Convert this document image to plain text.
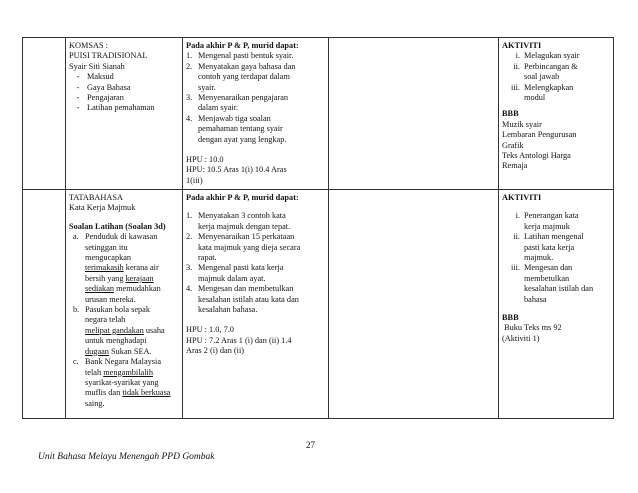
KOMSAS :
PUISI TRADISIONAL
Syair Siti Sianah
- Maksud
- Gaya Bahasa
- Pengajaran
- Latihan pemahaman
Pada akhir P & P, murid dapat:
1. Mengenal pasti bentuk syair.
2. Menyatakan gaya bahasa dan
contoh yang terdapat dalam
syair.
3. Menyenaraikan pengajaran
dalam syair.
4. Menjawab tiga soalan
pemahaman tentang syair
dengan ayat yang lengkap.
HPU : 10.0
HPU: 10.5 Aras 1(i) 10.4 Aras
1(iii)
AKTIVITI
i. Melagukan syair
ii. Perbincangan &
soal jawab
iii. Melengkapkan
modul
BBB
Muzik syair
Lembaran Pengurusan
Grafik
Teks Antologi Harga
Remaja
TATABAHASA
Kata Kerja Majmuk
Soalan Latihan (Soalan 3d)
a. Penduduk di kawasan
setinggan itu
mengucapkan
terimakasih kerana air
bersih yang kerajaan
sediakan memudahkan
urusan mereka.
b. Pasukan bola sepak
negara telah
melipat gandakan usaha
untuk menghadapi
dugaan Sukan SEA.
c. Bank Negara Malaysia
telah mengambilalih
syarikat-syarikat yang
muflis dan tidak berkuasa
saing.
Pada akhir P & P, murid dapat:
1. Menyatakan 3 contoh kata
kerja majmuk dengan tepat.
2. Menyenaraikan 15 perkataan
kata majmuk yang dieja secara
rapat.
3. Mengenal pasti kata kerja
majmuk dalam ayat.
4. Mengesan dan membetulkan
kesalahan istilah atau kata dan
kesalahan bahasa.
HPU : 1.0, 7.0
HPU : 7.2 Aras 1 (i) dan (ii) 1.4
Aras 2 (i) dan (ii)
AKTIVITI
i. Penerangan kata
kerja majmuk
ii. Latihan mengenal
pasti kata kerja
majmuk.
iii. Mengesan dan
membetulkan
kesalahan istilah dan
bahasa
BBB
Buku Teks ms 92
(Aktiviti 1)
27
Unit Bahasa Melayu Menengah PPD Gombak
